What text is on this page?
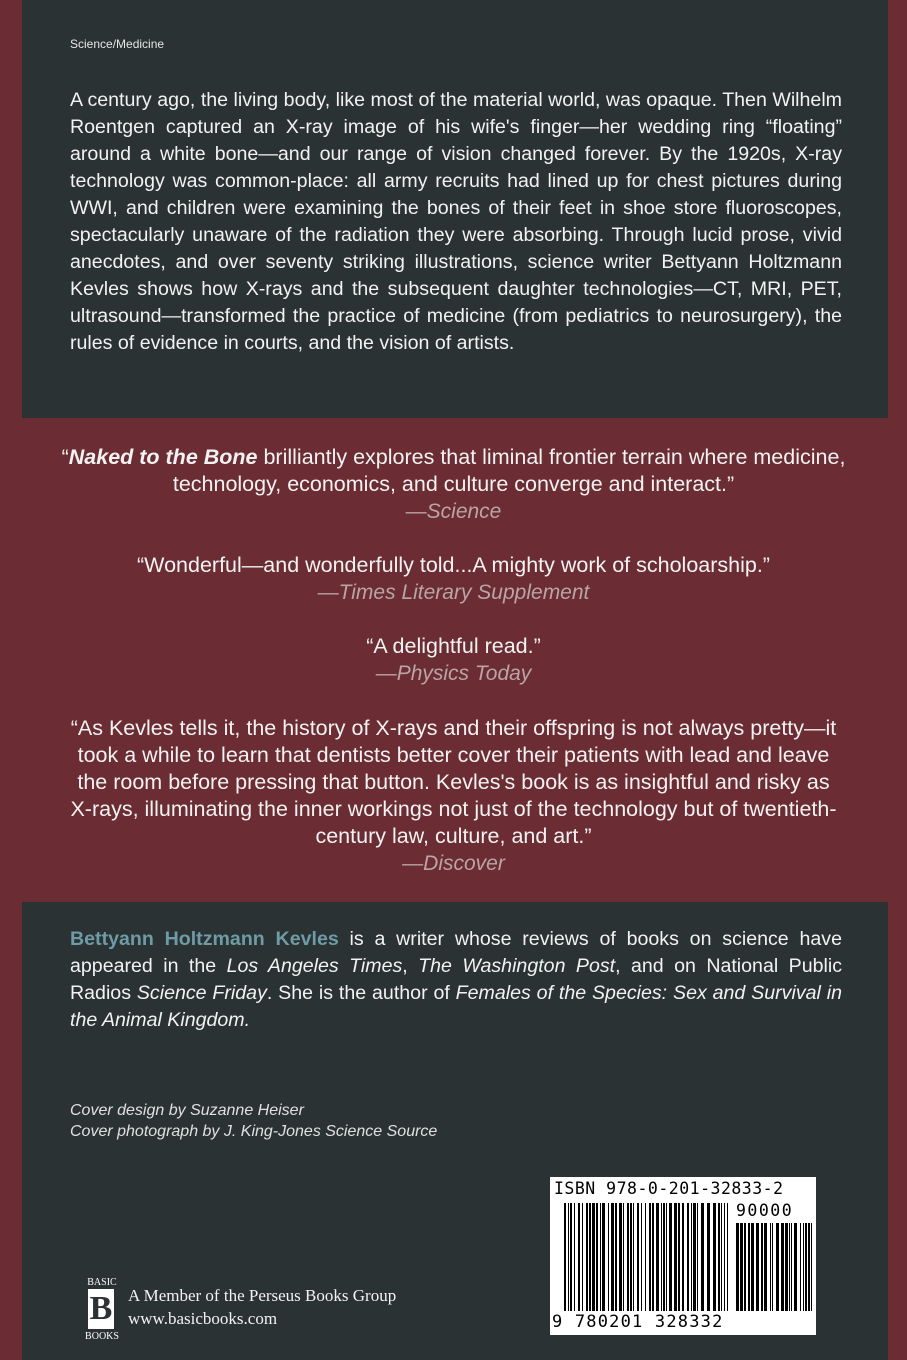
Science/Medicine

A century ago, the living body, like most of the material world, was opaque. Then Wilhelm Roentgen captured an X-ray image of his wife's finger—her wedding ring “floating” around a white bone—and our range of vision changed forever. By the 1920s, X-ray technology was common-place: all army recruits had lined up for chest pictures during WWI, and children were examining the bones of their feet in shoe store fluoroscopes, spectacularly unaware of the radiation they were absorbing. Through lucid prose, vivid anecdotes, and over seventy striking illustrations, science writer Bettyann Holtzmann Kevles shows how X-rays and the subsequent daughter technologies—CT, MRI, PET, ultrasound—transformed the practice of medicine (from pediatrics to neurosurgery), the rules of evidence in courts, and the vision of artists.

“Naked to the Bone brilliantly explores that liminal frontier terrain where medicine, technology, economics, and culture converge and interact.”

—Science

“Wonderful—and wonderfully told...A mighty work of scholoarship.”

—Times Literary Supplement

“A delightful read.”

—Physics Today

“As Kevles tells it, the history of X-rays and their offspring is not always pretty—it took a while to learn that dentists better cover their patients with lead and leave the room before pressing that button. Kevles's book is as insightful and risky as X-rays, illuminating the inner workings not just of the technology but of twentieth-century law, culture, and art.”

—Discover

Bettyann Holtzmann Kevles is a writer whose reviews of books on science have appeared in the Los Angeles Times, The Washington Post, and on National Public Radios Science Friday. She is the author of Females of the Species: Sex and Survival in the Animal Kingdom.

Cover design by Suzanne Heiser
Cover photograph by J. King-Jones Science Source
ISBN 978-0-201-32833-2
90000
9 780201 328332
BASIC
B
BOOKS
A Member of the Perseus Books Group
www.basicbooks.com
